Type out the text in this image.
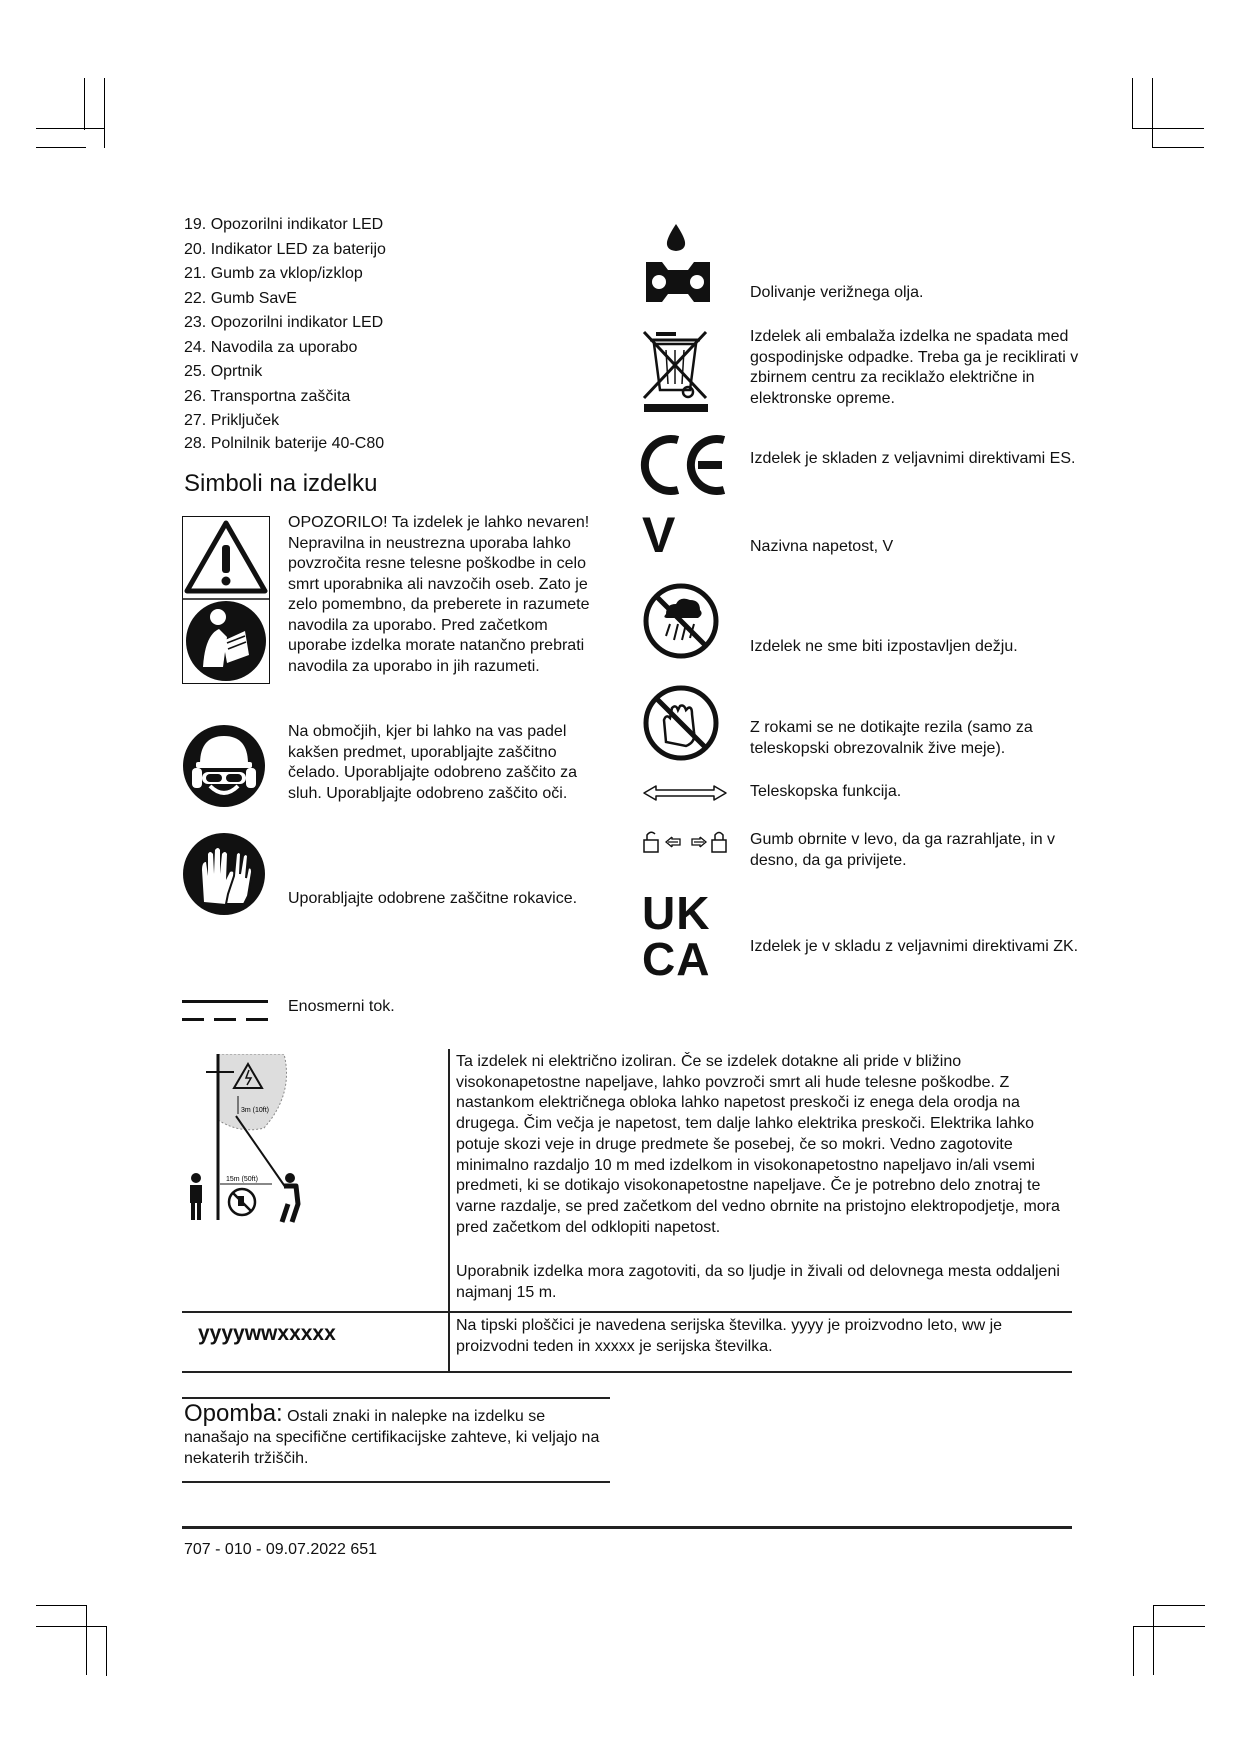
19. Opozorilni indikator LED
20. Indikator LED za baterijo
21. Gumb za vklop/izklop
22. Gumb SavE
23. Opozorilni indikator LED
24. Navodila za uporabo
25. Oprtnik
26. Transportna zaščita
27. Priključek
28. Polnilnik baterije 40-C80
Simboli na izdelku
OPOZORILO! Ta izdelek je lahko nevaren! Nepravilna in neustrezna uporaba lahko povzročita resne telesne poškodbe in celo smrt uporabnika ali navzočih oseb. Zato je zelo pomembno, da preberete in razumete navodila za uporabo. Pred začetkom uporabe izdelka morate natančno prebrati navodila za uporabo in jih razumeti.
Na območjih, kjer bi lahko na vas padel kakšen predmet, uporabljajte zaščitno čelado. Uporabljajte odobreno zaščito za sluh. Uporabljajte odobreno zaščito oči.
Uporabljajte odobrene zaščitne rokavice.
Enosmerni tok.
Dolivanje verižnega olja.
Izdelek ali embalaža izdelka ne spadata med gospodinjske odpadke. Treba ga je reciklirati v zbirnem centru za reciklažo električne in elektronske opreme.
Izdelek je skladen z veljavnimi direktivami ES.
V	Nazivna napetost, V
Izdelek ne sme biti izpostavljen dežju.
Z rokami se ne dotikajte rezila (samo za teleskopski obrezovalnik žive meje).
Teleskopska funkcija.
Gumb obrnite v levo, da ga razrahljate, in v desno, da ga privijete.
UK
CA	Izdelek je v skladu z veljavnimi direktivami ZK.
3m (10ft)
15m (50ft)
Ta izdelek ni električno izoliran. Če se izdelek dotakne ali pride v bližino visokonapetostne napeljave, lahko povzroči smrt ali hude telesne poškodbe. Z nastankom električnega obloka lahko napetost preskoči iz enega dela orodja na drugega. Čim večja je napetost, tem dalje lahko elektrika preskoči. Elektrika lahko potuje skozi veje in druge predmete še posebej, če so mokri. Vedno zagotovite minimalno razdaljo 10 m med izdelkom in visokonapetostno napeljavo in/ali vsemi predmeti, ki se dotikajo visokonapetostne napeljave. Če je potrebno delo znotraj te varne razdalje, se pred začetkom del vedno obrnite na pristojno elektropodjetje, mora pred začetkom del odklopiti napetost.
Uporabnik izdelka mora zagotoviti, da so ljudje in živali od delovnega mesta oddaljeni najmanj 15 m.
yyyywwxxxxx	Na tipski ploščici je navedena serijska številka. yyyy je proizvodno leto, ww je proizvodni teden in xxxxx je serijska številka.
Opomba: Ostali znaki in nalepke na izdelku se nanašajo na specifične certifikacijske zahteve, ki veljajo na nekaterih tržiščih.
707 - 010 - 09.07.2022 651
